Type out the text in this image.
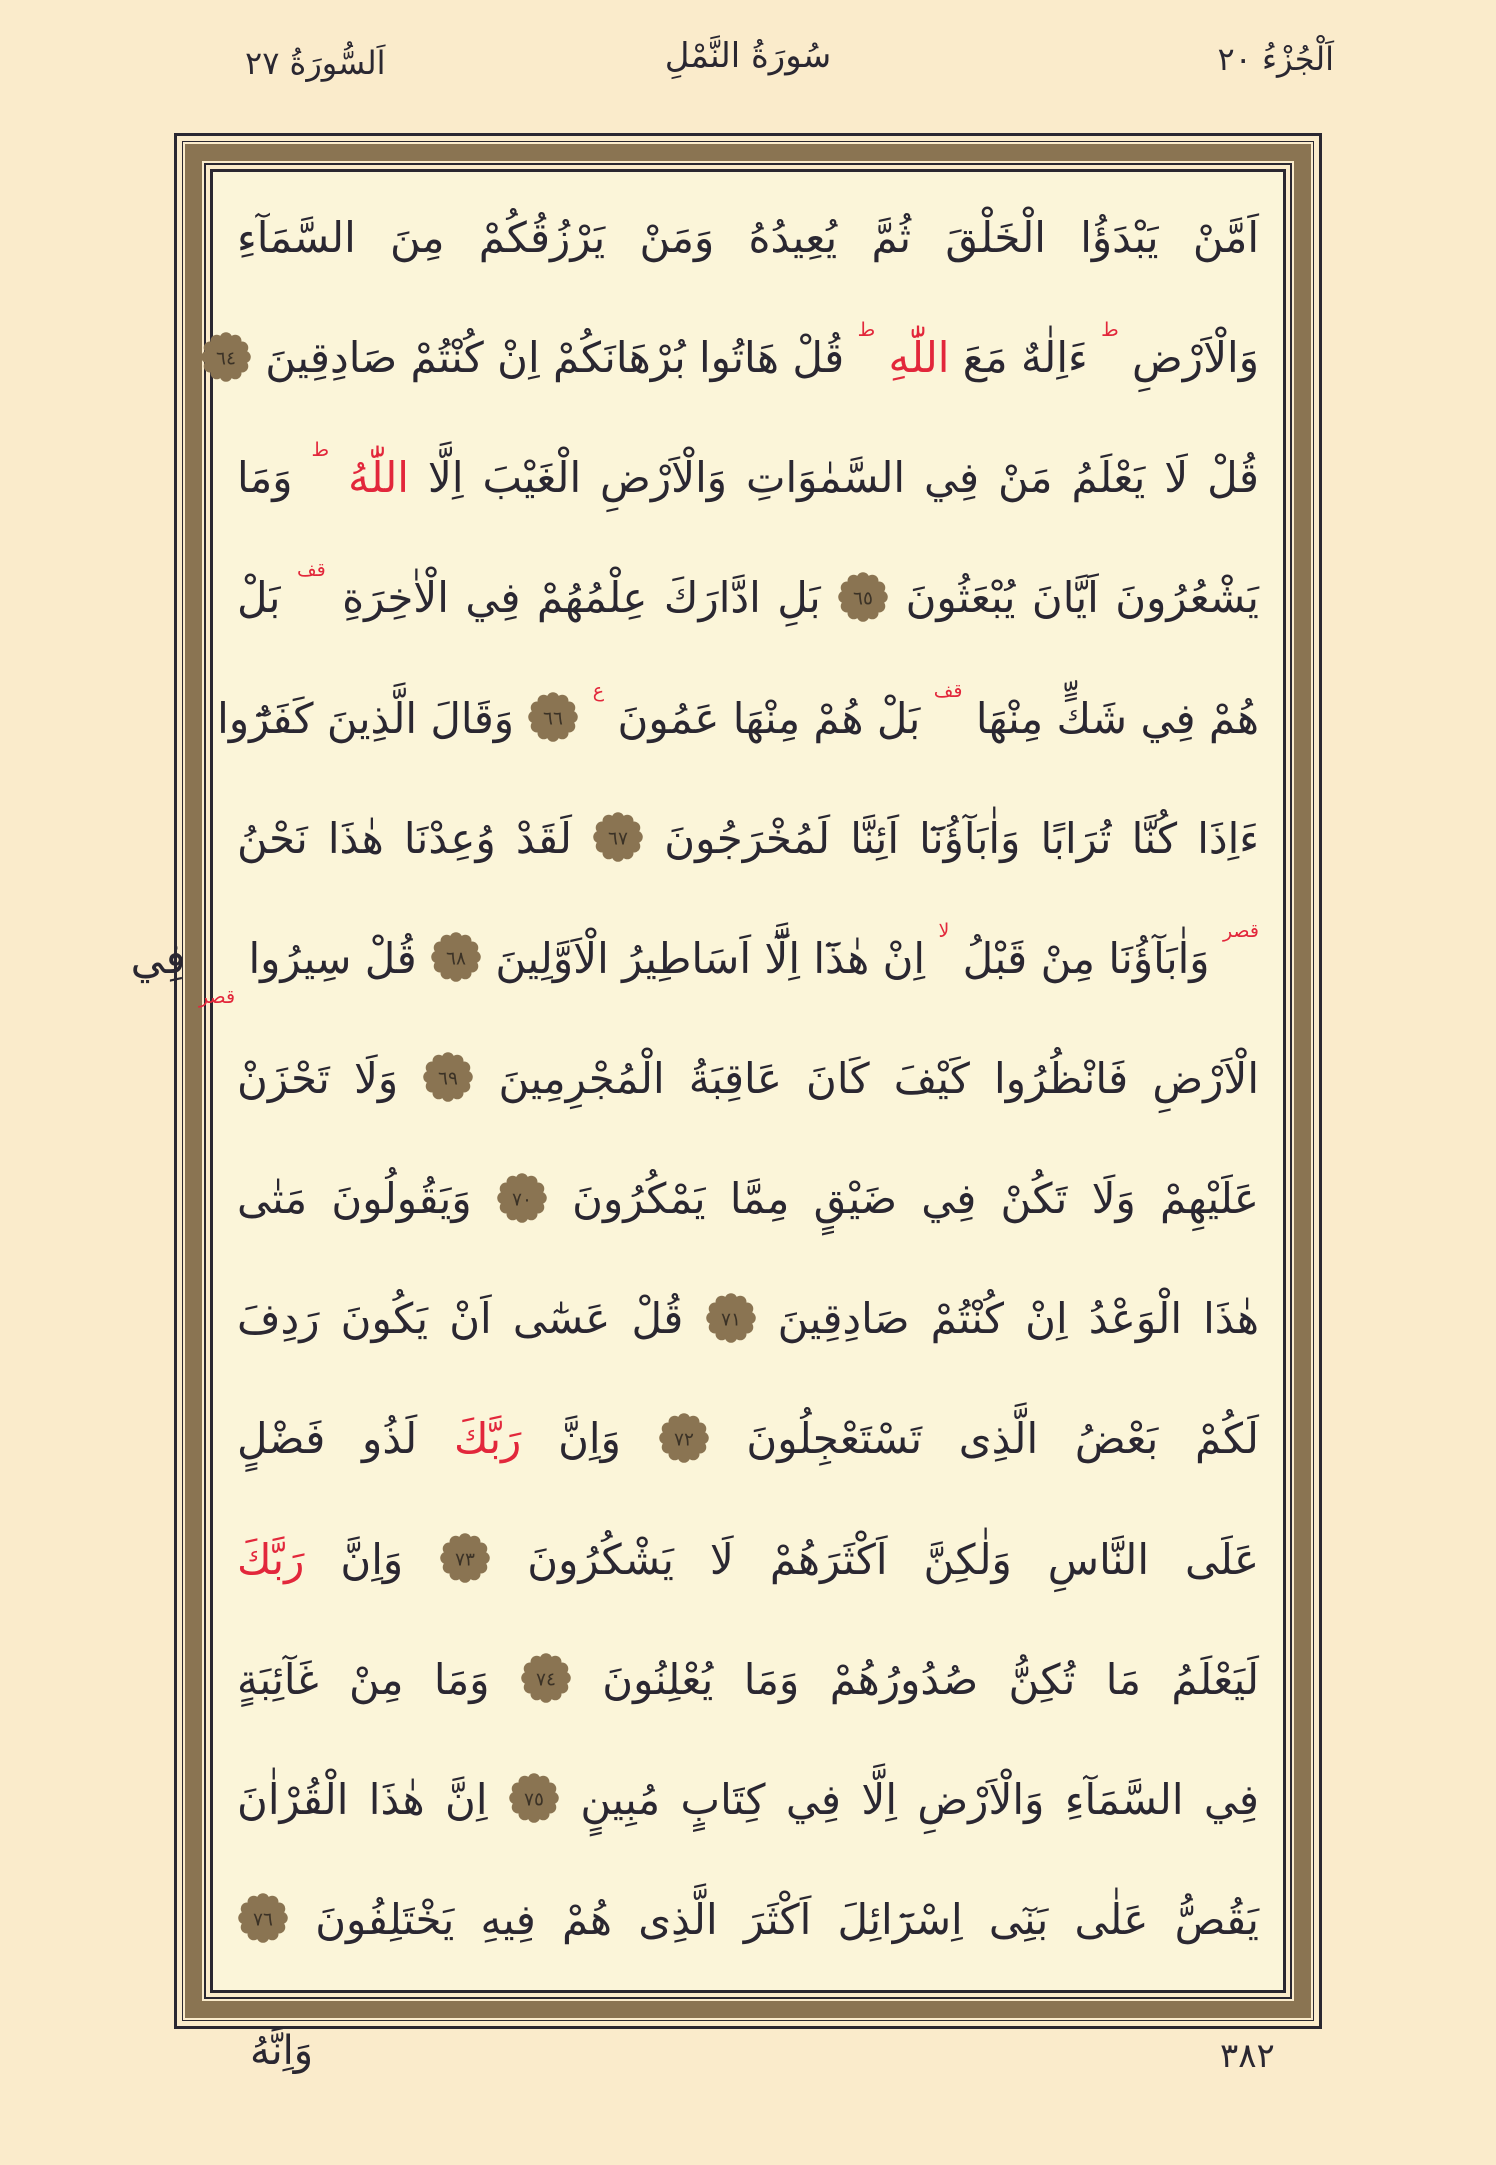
اَلسُّورَةُ ٢٧	سُورَةُ النَّمْلِ	اَلْجُزْءُ ٢٠
اَمَّنْ يَبْدَؤُا الْخَلْقَ ثُمَّ يُعِيدُهُ وَمَنْ يَرْزُقُكُمْ مِنَ السَّمَآءِ
وَالْاَرْضِ $^ط$ ءَاِلٰهٌ مَعَ اللّٰهِ $^ط$ قُلْ هَاتُوا بُرْهَانَكُمْ اِنْ كُنْتُمْ صَادِقِينَ
٦٤
قُلْ لَا يَعْلَمُ مَنْ فِي السَّمٰوَاتِ وَالْاَرْضِ الْغَيْبَ اِلَّا اللّٰهُ $^ط$ وَمَا
يَشْعُرُونَ اَيَّانَ يُبْعَثُونَ
٦٥
بَلِ ادَّارَكَ عِلْمُهُمْ فِي الْاٰخِرَةِ $^{قف}$ بَلْ
هُمْ فِي شَكٍّ مِنْهَا $^{قف}$ بَلْ هُمْ مِنْهَا عَمُونَ $^ع$
٦٦
وَقَالَ الَّذِينَ كَفَرُٓوا
ءَاِذَا كُنَّا تُرَابًا وَاٰبَآؤُنَٓا اَئِنَّا لَمُخْرَجُونَ
٦٧
لَقَدْ وُعِدْنَا هٰذَا نَحْنُ
$^{قصر}$ وَاٰبَآؤُنَا مِنْ قَبْلُ $^{لا}$ اِنْ هٰذَٓا اِلَّٓا اَسَاطِيرُ الْاَوَّلِينَ
٦٨
قُلْ سِيرُوا $_{قصر}$ فِي
الْاَرْضِ فَانْظُرُوا كَيْفَ كَانَ عَاقِبَةُ الْمُجْرِمِينَ
٦٩
وَلَا تَحْزَنْ
عَلَيْهِمْ وَلَا تَكُنْ فِي ضَيْقٍ مِمَّا يَمْكُرُونَ
٧٠
وَيَقُولُونَ مَتٰى
هٰذَا الْوَعْدُ اِنْ كُنْتُمْ صَادِقِينَ
٧١
قُلْ عَسٰٓى اَنْ يَكُونَ رَدِفَ
لَكُمْ بَعْضُ الَّذِى تَسْتَعْجِلُونَ
٧٢
وَاِنَّ رَبَّكَ لَذُو فَضْلٍ
عَلَى النَّاسِ وَلٰكِنَّ اَكْثَرَهُمْ لَا يَشْكُرُونَ
٧٣
وَاِنَّ رَبَّكَ
لَيَعْلَمُ مَا تُكِنُّ صُدُورُهُمْ وَمَا يُعْلِنُونَ
٧٤
وَمَا مِنْ غَآئِبَةٍ
فِي السَّمَآءِ وَالْاَرْضِ اِلَّا فِي كِتَابٍ مُبِينٍ
٧٥
اِنَّ هٰذَا الْقُرْاٰنَ
يَقُصُّ عَلٰى بَنِٓى اِسْرَٓائِلَ اَكْثَرَ الَّذِى هُمْ فِيهِ يَخْتَلِفُونَ
٧٦
وَاِنَّهُ	٣٨٢
